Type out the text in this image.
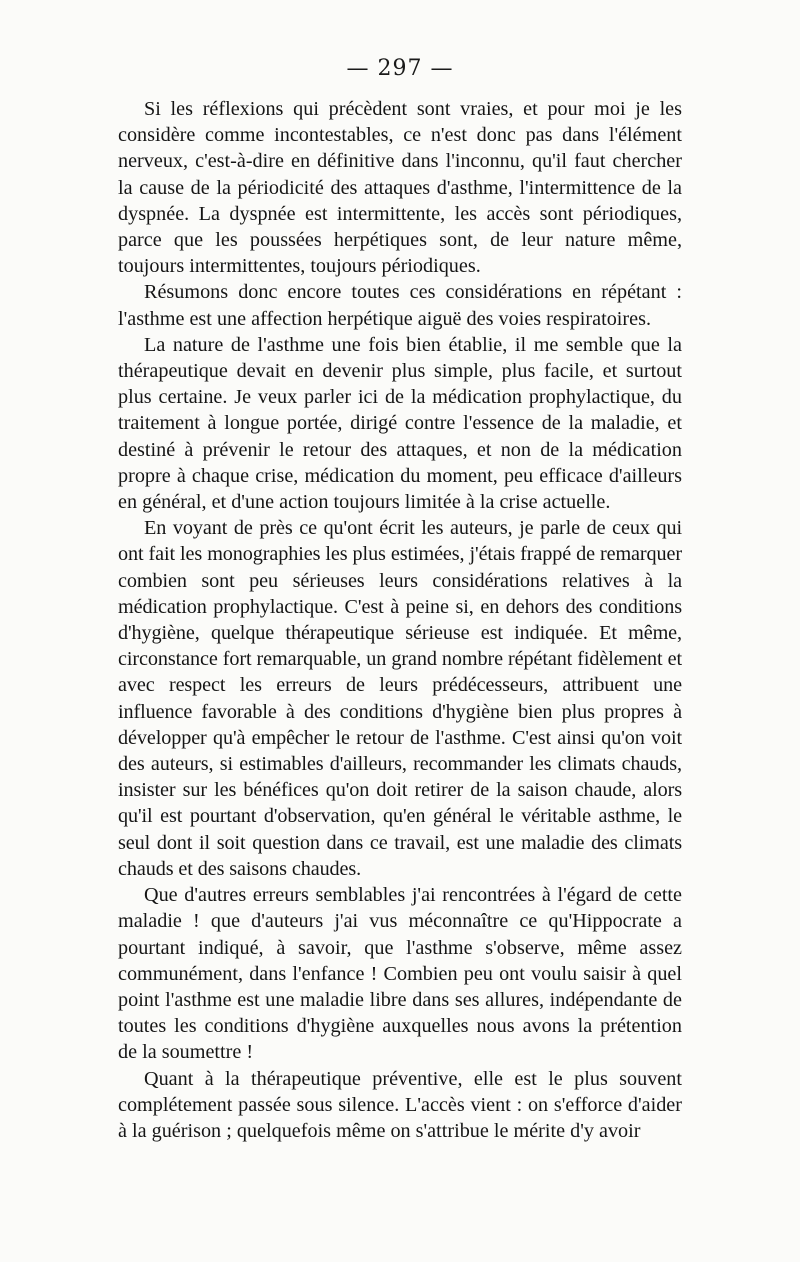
— 297 —

Si les réflexions qui précèdent sont vraies, et pour moi je les considère comme incontestables, ce n'est donc pas dans l'élément nerveux, c'est-à-dire en définitive dans l'inconnu, qu'il faut chercher la cause de la périodicité des attaques d'asthme, l'intermittence de la dyspnée. La dyspnée est intermittente, les accès sont périodiques, parce que les poussées herpétiques sont, de leur nature même, toujours intermittentes, toujours périodiques.

Résumons donc encore toutes ces considérations en répétant : l'asthme est une affection herpétique aiguë des voies respiratoires.

La nature de l'asthme une fois bien établie, il me semble que la thérapeutique devait en devenir plus simple, plus facile, et surtout plus certaine. Je veux parler ici de la médication prophylactique, du traitement à longue portée, dirigé contre l'essence de la maladie, et destiné à prévenir le retour des attaques, et non de la médication propre à chaque crise, médication du moment, peu efficace d'ailleurs en général, et d'une action toujours limitée à la crise actuelle.

En voyant de près ce qu'ont écrit les auteurs, je parle de ceux qui ont fait les monographies les plus estimées, j'étais frappé de remarquer combien sont peu sérieuses leurs considérations relatives à la médication prophylactique. C'est à peine si, en dehors des conditions d'hygiène, quelque thérapeutique sérieuse est indiquée. Et même, circonstance fort remarquable, un grand nombre répétant fidèlement et avec respect les erreurs de leurs prédécesseurs, attribuent une influence favorable à des conditions d'hygiène bien plus propres à développer qu'à empêcher le retour de l'asthme. C'est ainsi qu'on voit des auteurs, si estimables d'ailleurs, recommander les climats chauds, insister sur les bénéfices qu'on doit retirer de la saison chaude, alors qu'il est pourtant d'observation, qu'en général le véritable asthme, le seul dont il soit question dans ce travail, est une maladie des climats chauds et des saisons chaudes.

Que d'autres erreurs semblables j'ai rencontrées à l'égard de cette maladie ! que d'auteurs j'ai vus méconnaître ce qu'Hippocrate a pourtant indiqué, à savoir, que l'asthme s'observe, même assez communément, dans l'enfance ! Combien peu ont voulu saisir à quel point l'asthme est une maladie libre dans ses allures, indépendante de toutes les conditions d'hygiène auxquelles nous avons la prétention de la soumettre !

Quant à la thérapeutique préventive, elle est le plus souvent complétement passée sous silence. L'accès vient : on s'efforce d'aider à la guérison ; quelquefois même on s'attribue le mérite d'y avoir
